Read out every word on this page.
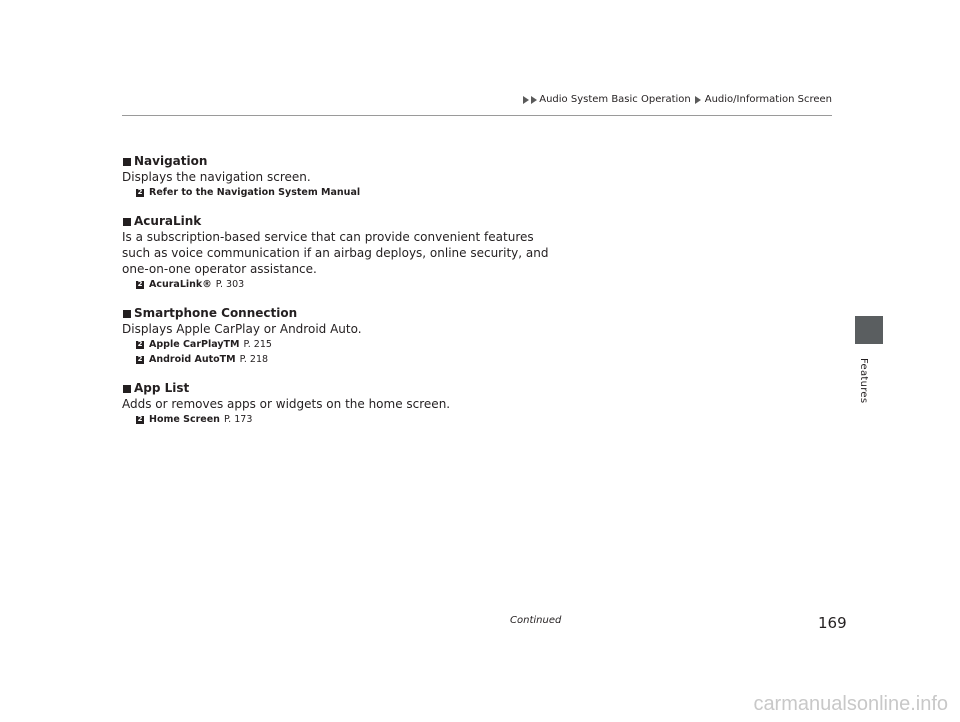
Audio System Basic Operation Audio/Information Screen
Features
Navigation
Displays the navigation screen.
2 Refer to the Navigation System Manual
AcuraLink
Is a subscription-based service that can provide convenient features such as voice communication if an airbag deploys, online security, and one-on-one operator assistance.
2 AcuraLink® P. 303
Smartphone Connection
Displays Apple CarPlay or Android Auto.
2 Apple CarPlayTM P. 215
2 Android AutoTM P. 218
App List
Adds or removes apps or widgets on the home screen.
2 Home Screen P. 173
Continued	169
carmanualsonline.info
